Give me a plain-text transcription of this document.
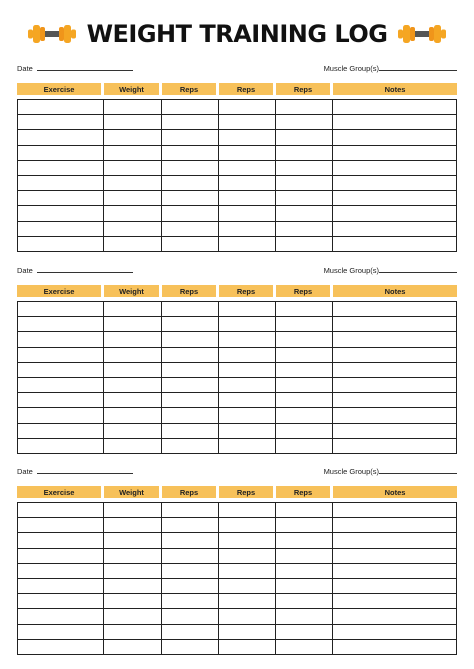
WEIGHT TRAINING LOG
Date	Muscle Group(s)
Exercise	Weight	Reps	Reps	Reps	Notes

Date	Muscle Group(s)
Exercise	Weight	Reps	Reps	Reps	Notes

Date	Muscle Group(s)
Exercise	Weight	Reps	Reps	Reps	Notes
